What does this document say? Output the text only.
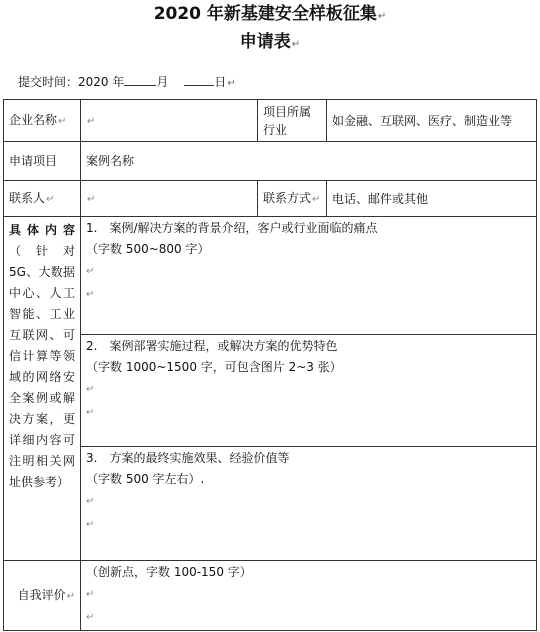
2020 年新基建安全样板征集↵
申请表↵
提交时间：2020 年	月	日↵
企业名称↵	↵	项目所属行业	如金融、互联网、医疗、制造业等
申请项目	案例名称		
联系人↵	↵	联系方式↵	电话、邮件或其他
具体内容（针对 5G、大数据中心、人工智能、工业互联网、可信计算等领域的网络安全案例或解决方案，更详细内容可注明相关网址供参考）	1.　案例/解决方案的背景介绍，客户或行业面临的痛点
（字数 500~800 字）
↵
↵		

	2.　案例部署实施过程，或解决方案的优势特色
（字数 1000~1500 字，可包含图片 2~3 张）
↵
↵		

	3.　方案的最终实施效果、经验价值等
（字数 500 字左右）.
↵
↵		

自我评价↵	（创新点，字数 100-150 字）
↵
↵		
